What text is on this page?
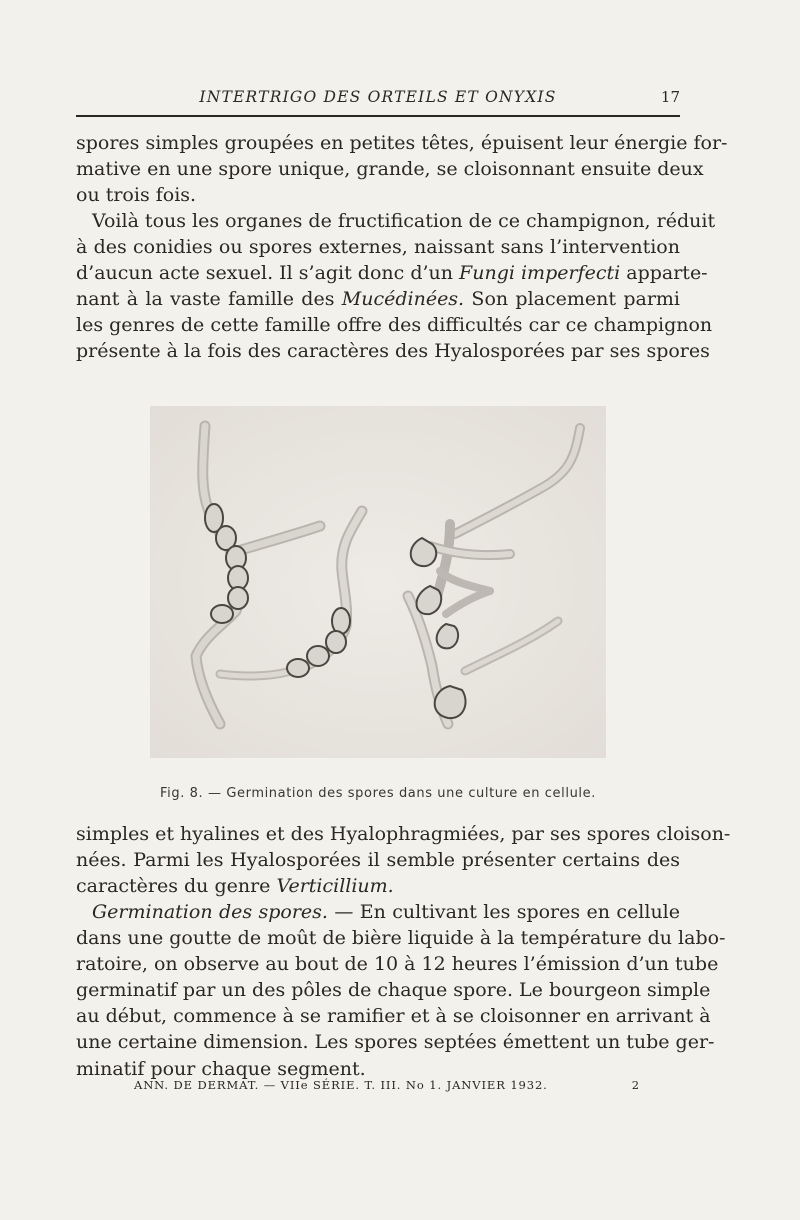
INTERTRIGO DES ORTEILS ET ONYXIS	17
spores simples groupées en petites têtes, épuisent leur énergie for-
mative en une spore unique, grande, se cloisonnant ensuite deux
ou trois fois.
Voilà tous les organes de fructification de ce champignon, réduit
à des conidies ou spores externes, naissant sans l’intervention
d’aucun acte sexuel. Il s’agit donc d’un Fungi imperfecti apparte-
nant à la vaste famille des Mucédinées. Son placement parmi
les genres de cette famille offre des difficultés car ce champignon
présente à la fois des caractères des Hyalosporées par ses spores
Fig. 8. — Germination des spores dans une culture en cellule.
simples et hyalines et des Hyalophragmiées, par ses spores cloison-
nées. Parmi les Hyalosporées il semble présenter certains des
caractères du genre Verticillium.
Germination des spores. — En cultivant les spores en cellule
dans une goutte de moût de bière liquide à la température du labo-
ratoire, on observe au bout de 10 à 12 heures l’émission d’un tube
germinatif par un des pôles de chaque spore. Le bourgeon simple
au début, commence à se ramifier et à se cloisonner en arrivant à
une certaine dimension. Les spores septées émettent un tube ger-
minatif pour chaque segment.
ANN. DE DERMAT. — VIIe SÉRIE. T. III. No 1. JANVIER 1932.	2
